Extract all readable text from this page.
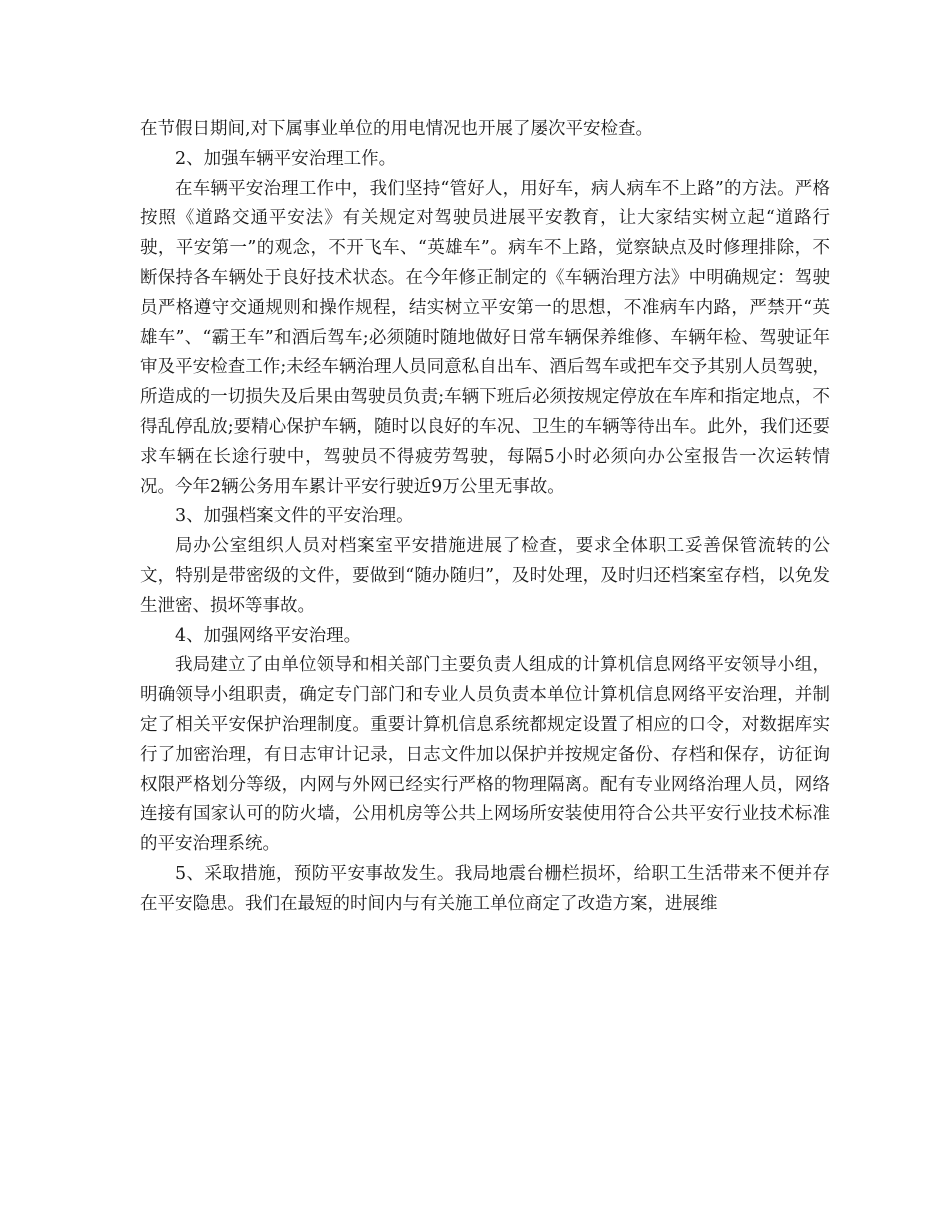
在节假日期间,对下属事业单位的用电情况也开展了屡次平安检查。

2、加强车辆平安治理工作。

在车辆平安治理工作中，我们坚持“管好人，用好车，病人病车不上路”的方法。严格按照《道路交通平安法》有关规定对驾驶员进展平安教育，让大家结实树立起“道路行驶，平安第一”的观念，不开飞车、“英雄车”。病车不上路，觉察缺点及时修理排除，不断保持各车辆处于良好技术状态。在今年修正制定的《车辆治理方法》中明确规定：驾驶员严格遵守交通规则和操作规程，结实树立平安第一的思想，不准病车内路，严禁开“英雄车”、“霸王车”和酒后驾车;必须随时随地做好日常车辆保养维修、车辆年检、驾驶证年审及平安检查工作;未经车辆治理人员同意私自出车、酒后驾车或把车交予其别人员驾驶，所造成的一切损失及后果由驾驶员负责;车辆下班后必须按规定停放在车库和指定地点，不得乱停乱放;要精心保护车辆，随时以良好的车况、卫生的车辆等待出车。此外，我们还要求车辆在长途行驶中，驾驶员不得疲劳驾驶，每隔5小时必须向办公室报告一次运转情况。今年2辆公务用车累计平安行驶近9万公里无事故。

3、加强档案文件的平安治理。

局办公室组织人员对档案室平安措施进展了检查，要求全体职工妥善保管流转的公文，特别是带密级的文件，要做到“随办随归”，及时处理，及时归还档案室存档，以免发生泄密、损坏等事故。

4、加强网络平安治理。

我局建立了由单位领导和相关部门主要负责人组成的计算机信息网络平安领导小组，明确领导小组职责，确定专门部门和专业人员负责本单位计算机信息网络平安治理，并制定了相关平安保护治理制度。重要计算机信息系统都规定设置了相应的口令，对数据库实行了加密治理，有日志审计记录，日志文件加以保护并按规定备份、存档和保存，访征询权限严格划分等级，内网与外网已经实行严格的物理隔离。配有专业网络治理人员，网络连接有国家认可的防火墙，公用机房等公共上网场所安装使用符合公共平安行业技术标准的平安治理系统。

5、采取措施，预防平安事故发生。我局地震台栅栏损坏，给职工生活带来不便并存在平安隐患。我们在最短的时间内与有关施工单位商定了改造方案，进展维
